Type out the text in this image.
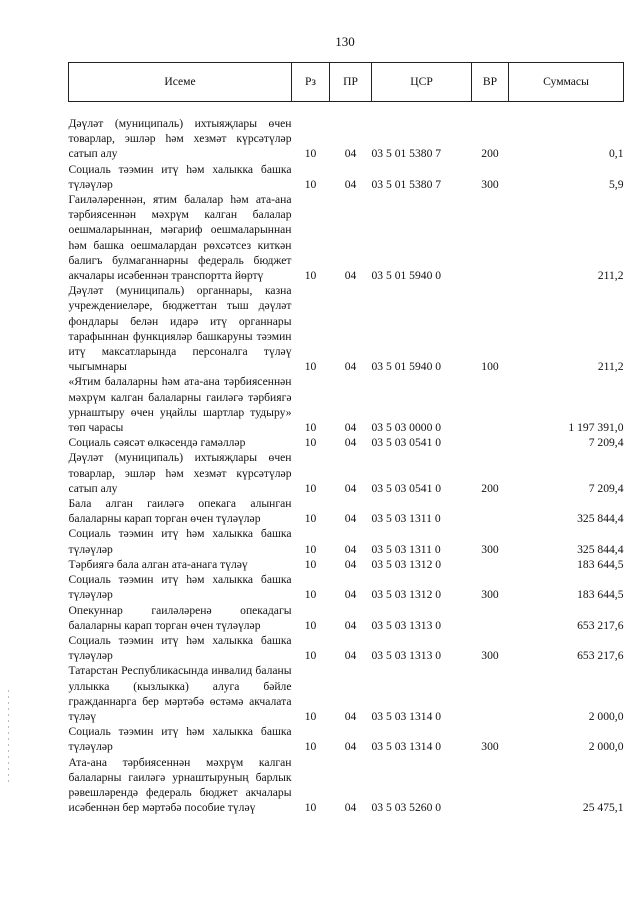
130
Исеме	Рз	ПР	ЦСР	ВР	Суммасы

Дәүләт (муниципаль) ихтыяҗлары өчен товарлар, эшләр һәм хезмәт күрсәтүләр сатып алу	10	04	03 5 01 5380 7	200	0,1
Социаль тәэмин итү һәм халыкка башка түләүләр	10	04	03 5 01 5380 7	300	5,9
Гаиләләреннән, ятим балалар һәм ата-ана тәрбиясеннән мәхрүм калган балалар оешмаларыннан, мәгариф оешмаларыннан һәм башка оешмалардан рөхсәтсез киткән балигъ булмаганнарны федераль бюджет акчалары исәбеннән транспортта йөртү	10	04	03 5 01 5940 0		211,2
Дәүләт (муниципаль) органнары, казна учреждениеләре, бюджеттан тыш дәүләт фондлары белән идарә итү органнары тарафыннан функцияләр башкаруны тәэмин итү максатларында персоналга түләү чыгымнары	10	04	03 5 01 5940 0	100	211,2
«Ятим балаларны һәм ата-ана тәрбиясеннән мәхрүм калган балаларны гаиләгә тәрбиягә урнаштыру өчен уңайлы шартлар тудыру» төп чарасы	10	04	03 5 03 0000 0		1 197 391,0
Социаль сәясәт өлкәсендә гамәлләр	10	04	03 5 03 0541 0		7 209,4
Дәүләт (муниципаль) ихтыяҗлары өчен товарлар, эшләр һәм хезмәт күрсәтүләр сатып алу	10	04	03 5 03 0541 0	200	7 209,4
Бала алган гаиләгә опекага алынган балаларны карап торган өчен түләүләр	10	04	03 5 03 1311 0		325 844,4
Социаль тәэмин итү һәм халыкка башка түләүләр	10	04	03 5 03 1311 0	300	325 844,4
Тәрбиягә бала алган ата-анага түләү	10	04	03 5 03 1312 0		183 644,5
Социаль тәэмин итү һәм халыкка башка түләүләр	10	04	03 5 03 1312 0	300	183 644,5
Опекуннар гаиләләренә опекадагы балаларны карап торган өчен түләүләр	10	04	03 5 03 1313 0		653 217,6
Социаль тәэмин итү һәм халыкка башка түләүләр	10	04	03 5 03 1313 0	300	653 217,6
Татарстан Республикасында инвалид баланы уллыкка (кызлыкка) алуга бәйле гражданнарга бер мәртәбә өстәмә акчалата түләү	10	04	03 5 03 1314 0		2 000,0
Социаль тәэмин итү һәм халыкка башка түләүләр	10	04	03 5 03 1314 0	300	2 000,0
Ата-ана тәрбиясеннән мәхрүм калган балаларны гаиләгә урнаштыруның барлык рәвешләрендә федераль бюджет акчалары исәбеннән бер мәртәбә пособие түләү	10	04	03 5 03 5260 0		25 475,1
